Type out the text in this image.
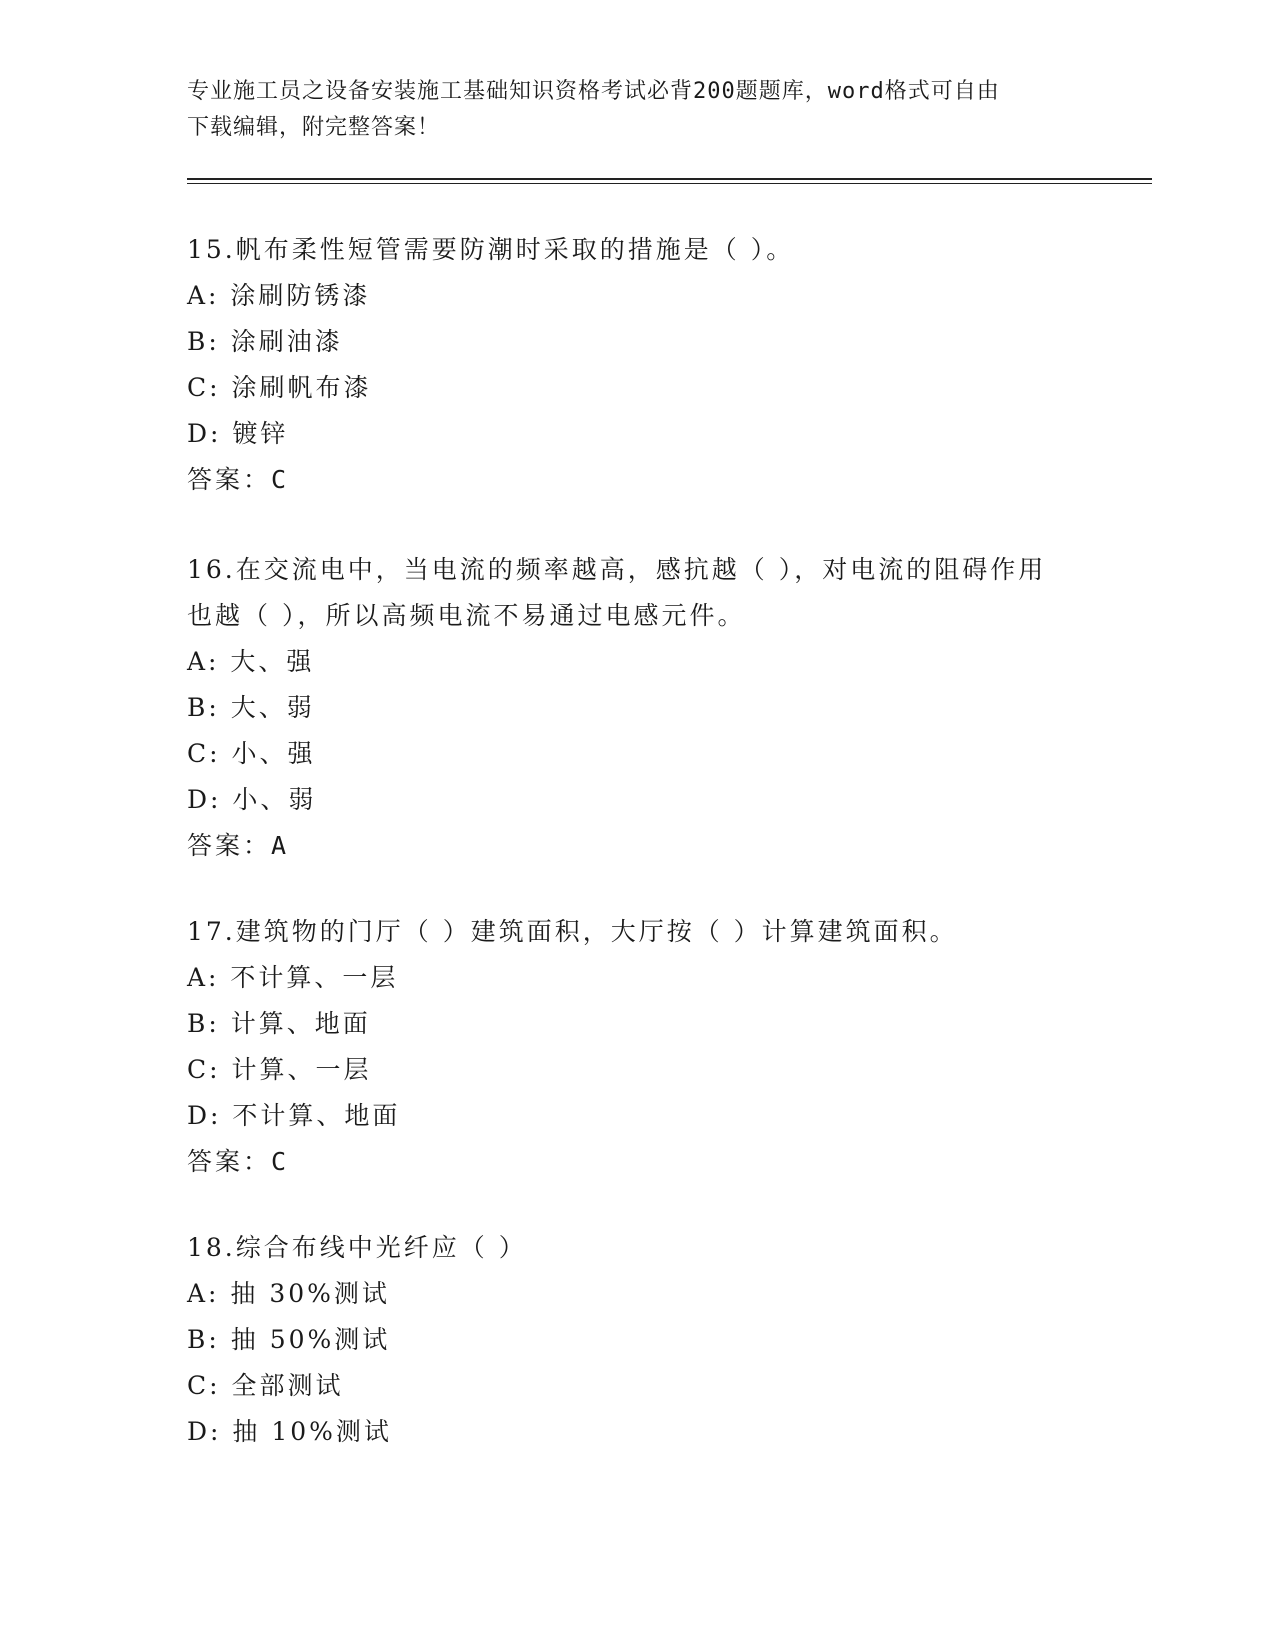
专业施工员之设备安装施工基础知识资格考试必背200题题库，word格式可自由
下载编辑，附完整答案！
15.帆布柔性短管需要防潮时采取的措施是（ ）。
A: 涂刷防锈漆
B: 涂刷油漆
C: 涂刷帆布漆
D: 镀锌
答案：C
16.在交流电中，当电流的频率越高，感抗越（ ），对电流的阻碍作用也越（ ），所以高频电流不易通过电感元件。
A: 大、强
B: 大、弱
C: 小、强
D: 小、弱
答案：A
17.建筑物的门厅（ ）建筑面积，大厅按（ ）计算建筑面积。
A: 不计算、一层
B: 计算、地面
C: 计算、一层
D: 不计算、地面
答案：C
18.综合布线中光纤应（ ）
A: 抽 30%测试
B: 抽 50%测试
C: 全部测试
D: 抽 10%测试
